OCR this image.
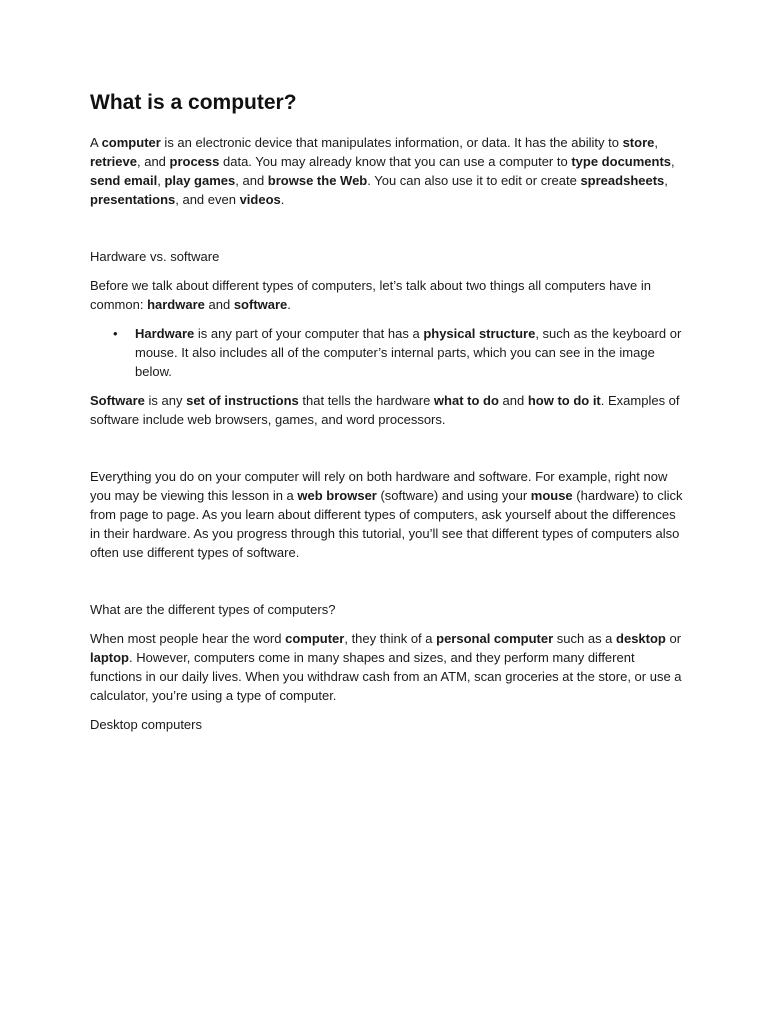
What is a computer?

A computer is an electronic device that manipulates information, or data. It has the ability to store, retrieve, and process data. You may already know that you can use a computer to type documents, send email, play games, and browse the Web. You can also use it to edit or create spreadsheets, presentations, and even videos.

Hardware vs. software

Before we talk about different types of computers, let’s talk about two things all computers have in common: hardware and software.

• Hardware is any part of your computer that has a physical structure, such as the keyboard or mouse. It also includes all of the computer’s internal parts, which you can see in the image below.

Software is any set of instructions that tells the hardware what to do and how to do it. Examples of software include web browsers, games, and word processors.

Everything you do on your computer will rely on both hardware and software. For example, right now you may be viewing this lesson in a web browser (software) and using your mouse (hardware) to click from page to page. As you learn about different types of computers, ask yourself about the differences in their hardware. As you progress through this tutorial, you’ll see that different types of computers also often use different types of software.

What are the different types of computers?

When most people hear the word computer, they think of a personal computer such as a desktop or laptop. However, computers come in many shapes and sizes, and they perform many different functions in our daily lives. When you withdraw cash from an ATM, scan groceries at the store, or use a calculator, you’re using a type of computer.

Desktop computers
